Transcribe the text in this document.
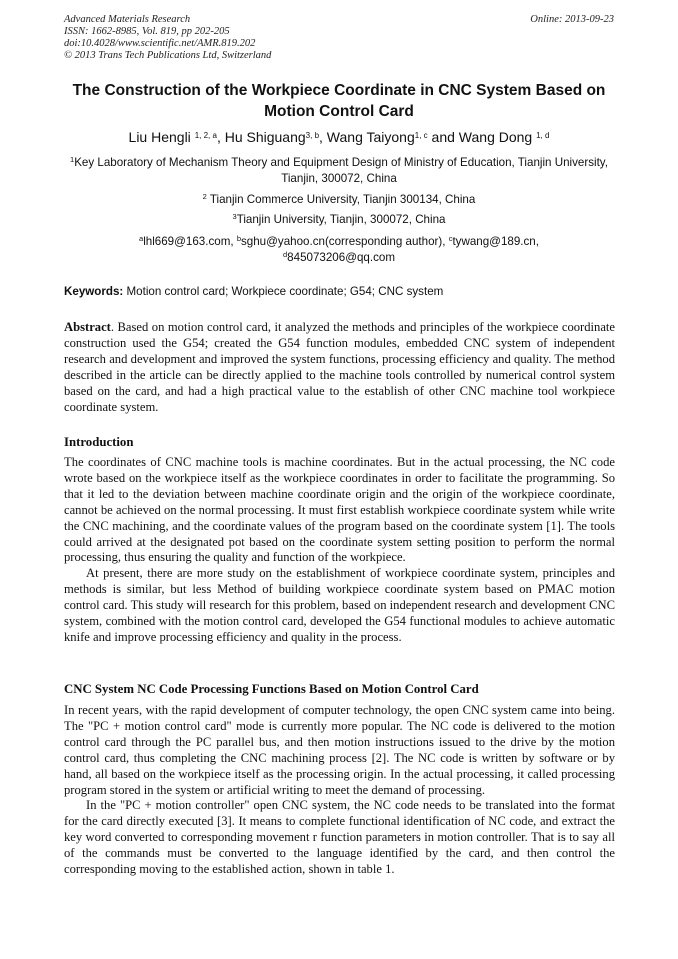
Advanced Materials Research
ISSN: 1662-8985, Vol. 819, pp 202-205
doi:10.4028/www.scientific.net/AMR.819.202
© 2013 Trans Tech Publications Ltd, Switzerland
Online: 2013-09-23
The Construction of the Workpiece Coordinate in CNC System Based on Motion Control Card
Liu Hengli $^{1, 2, a}$, Hu Shiguang$^{3, b}$, Wang Taiyong$^{1, c}$ and Wang Dong $^{1, d}$
$^1$Key Laboratory of Mechanism Theory and Equipment Design of Ministry of Education, Tianjin University, Tianjin, 300072, China
$^2$ Tianjin Commerce University, Tianjin 300134, China
$^3$Tianjin University, Tianjin, 300072, China
$^a$lhl669@163.com, $^b$sghu@yahoo.cn(corresponding author), $^c$tywang@189.cn,
$^d$845073206@qq.com
Keywords: Motion control card; Workpiece coordinate; G54; CNC system

Abstract. Based on motion control card, it analyzed the methods and principles of the workpiece coordinate construction used the G54; created the G54 function modules, embedded CNC system of independent research and development and improved the system functions, processing efficiency and quality. The method described in the article can be directly applied to the machine tools controlled by numerical control system based on the card, and had a high practical value to the establish of other CNC machine tool workpiece coordinate system.

Introduction

The coordinates of CNC machine tools is machine coordinates. But in the actual processing, the NC code wrote based on the workpiece itself as the workpiece coordinates in order to facilitate the programming. So that it led to the deviation between machine coordinate origin and the origin of the workpiece coordinate, cannot be achieved on the normal processing. It must first establish workpiece coordinate system while write the CNC machining, and the coordinate values of the program based on the coordinate system [1]. The tools could arrived at the designated pot based on the coordinate system setting position to perform the normal processing, thus ensuring the quality and function of the workpiece.

At present, there are more study on the establishment of workpiece coordinate system, principles and methods is similar, but less Method of building workpiece coordinate system based on PMAC motion control card. This study will research for this problem, based on independent research and development CNC system, combined with the motion control card, developed the G54 functional modules to achieve automatic knife and improve processing efficiency and quality in the process.

CNC System NC Code Processing Functions Based on Motion Control Card

In recent years, with the rapid development of computer technology, the open CNC system came into being. The "PC + motion control card" mode is currently more popular. The NC code is delivered to the motion control card through the PC parallel bus, and then motion instructions issued to the drive by the motion control card, thus completing the CNC machining process [2]. The NC code is written by software or by hand, all based on the workpiece itself as the processing origin. In the actual processing, it called processing program stored in the system or artificial writing to meet the demand of processing.

In the "PC + motion controller" open CNC system, the NC code needs to be translated into the format for the card directly executed [3]. It means to complete functional identification of NC code, and extract the key word converted to corresponding movement r function parameters in motion controller. That is to say all of the commands must be converted to the language identified by the card, and then control the corresponding moving to the established action, shown in table 1.
